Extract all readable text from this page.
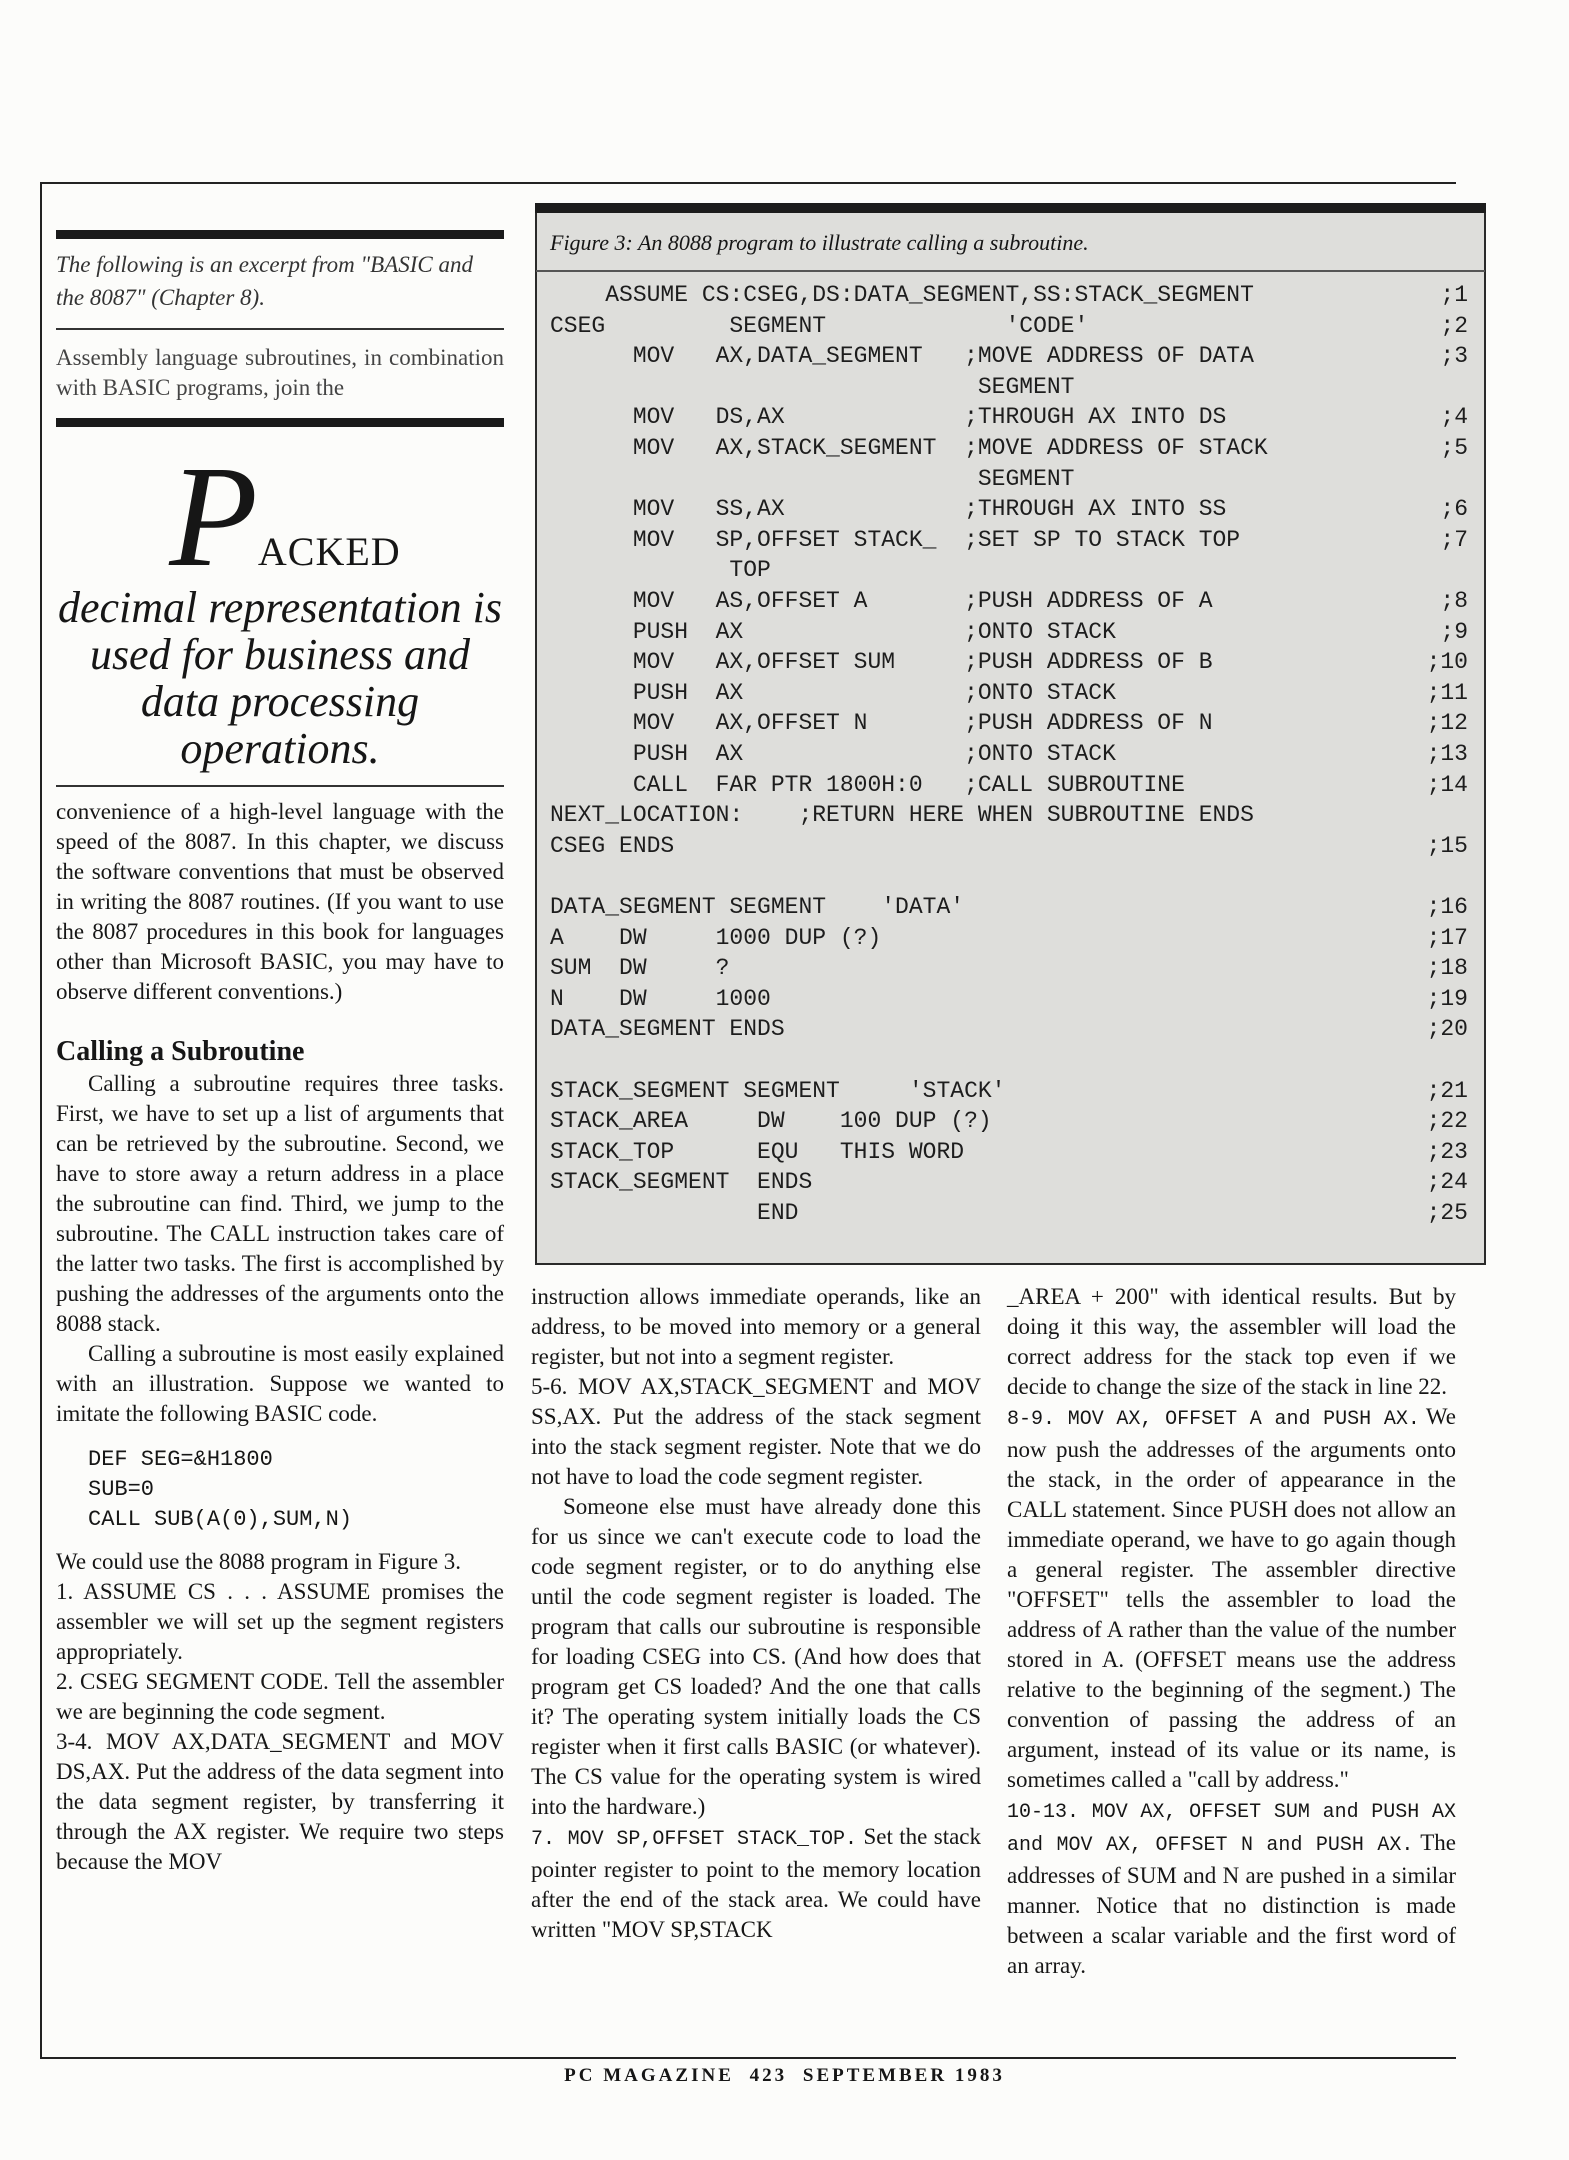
The following is an excerpt from "BASIC and the 8087" (Chapter 8).
Assembly language subroutines, in combination with BASIC programs, join the
PACKED
decimal representation is used for business and data processing operations.

convenience of a high-level language with the speed of the 8087. In this chapter, we discuss the software conventions that must be observed in writing the 8087 routines. (If you want to use the 8087 procedures in this book for languages other than Microsoft BASIC, you may have to observe different conventions.)

Calling a Subroutine

Calling a subroutine requires three tasks. First, we have to set up a list of arguments that can be retrieved by the subroutine. Second, we have to store away a return address in a place the subroutine can find. Third, we jump to the subroutine. The CALL instruction takes care of the latter two tasks. The first is accomplished by pushing the addresses of the arguments onto the 8088 stack.

Calling a subroutine is most easily explained with an illustration. Suppose we wanted to imitate the following BASIC code.

DEF SEG=&H1800
SUB=0
CALL SUB(A(0),SUM,N)

We could use the 8088 program in Figure 3.

1. ASSUME CS . . . ASSUME promises the assembler we will set up the segment registers appropriately.

2. CSEG SEGMENT CODE. Tell the assembler we are beginning the code segment.

3-4. MOV AX,DATA_SEGMENT and MOV DS,AX. Put the address of the data segment into the data segment register, by transferring it through the AX register. We require two steps because the MOV

Figure 3: An 8088 program to illustrate calling a subroutine.
ASSUME CS:CSEG,DS:DATA_SEGMENT,SS:STACK_SEGMENT	;1
CSEG         SEGMENT             'CODE'	;2
MOV   AX,DATA_SEGMENT   ;MOVE ADDRESS OF DATA	;3
SEGMENT
MOV   DS,AX             ;THROUGH AX INTO DS	;4
MOV   AX,STACK_SEGMENT  ;MOVE ADDRESS OF STACK	;5
SEGMENT
MOV   SS,AX             ;THROUGH AX INTO SS	;6
MOV   SP,OFFSET STACK_  ;SET SP TO STACK TOP	;7
TOP
MOV   AS,OFFSET A       ;PUSH ADDRESS OF A	;8
PUSH  AX                ;ONTO STACK	;9
MOV   AX,OFFSET SUM     ;PUSH ADDRESS OF B	;10
PUSH  AX                ;ONTO STACK	;11
MOV   AX,OFFSET N       ;PUSH ADDRESS OF N	;12
PUSH  AX                ;ONTO STACK	;13
CALL  FAR PTR 1800H:0   ;CALL SUBROUTINE	;14
NEXT_LOCATION:    ;RETURN HERE WHEN SUBROUTINE ENDS
CSEG ENDS	;15
DATA_SEGMENT SEGMENT    'DATA'	;16
A    DW     1000 DUP (?)	;17
SUM  DW     ?	;18
N    DW     1000	;19
DATA_SEGMENT ENDS	;20
STACK_SEGMENT SEGMENT     'STACK'	;21
STACK_AREA     DW    100 DUP (?)	;22
STACK_TOP      EQU   THIS WORD	;23
STACK_SEGMENT  ENDS	;24
END	;25

instruction allows immediate operands, like an address, to be moved into memory or a general register, but not into a segment register.

5-6. MOV AX,STACK_SEGMENT and MOV SS,AX. Put the address of the stack segment into the stack segment register. Note that we do not have to load the code segment register.

Someone else must have already done this for us since we can't execute code to load the code segment register, or to do anything else until the code segment register is loaded. The program that calls our subroutine is responsible for loading CSEG into CS. (And how does that program get CS loaded? And the one that calls it? The operating system initially loads the CS register when it first calls BASIC (or whatever). The CS value for the operating system is wired into the hardware.)

7. MOV SP,OFFSET STACK_TOP. Set the stack pointer register to point to the memory location after the end of the stack area. We could have written "MOV SP,STACK

_AREA + 200" with identical results. But by doing it this way, the assembler will load the correct address for the stack top even if we decide to change the size of the stack in line 22.

8-9. MOV AX, OFFSET A and PUSH AX. We now push the addresses of the arguments onto the stack, in the order of appearance in the CALL statement. Since PUSH does not allow an immediate operand, we have to go again though a general register. The assembler directive "OFFSET" tells the assembler to load the address of A rather than the value of the number stored in A. (OFFSET means use the address relative to the beginning of the segment.) The convention of passing the address of an argument, instead of its value or its name, is sometimes called a "call by address."

10-13. MOV AX, OFFSET SUM and PUSH AX and MOV AX, OFFSET N and PUSH AX. The addresses of SUM and N are pushed in a similar manner. Notice that no distinction is made between a scalar variable and the first word of an array.

PC MAGAZINE 423 SEPTEMBER 1983
